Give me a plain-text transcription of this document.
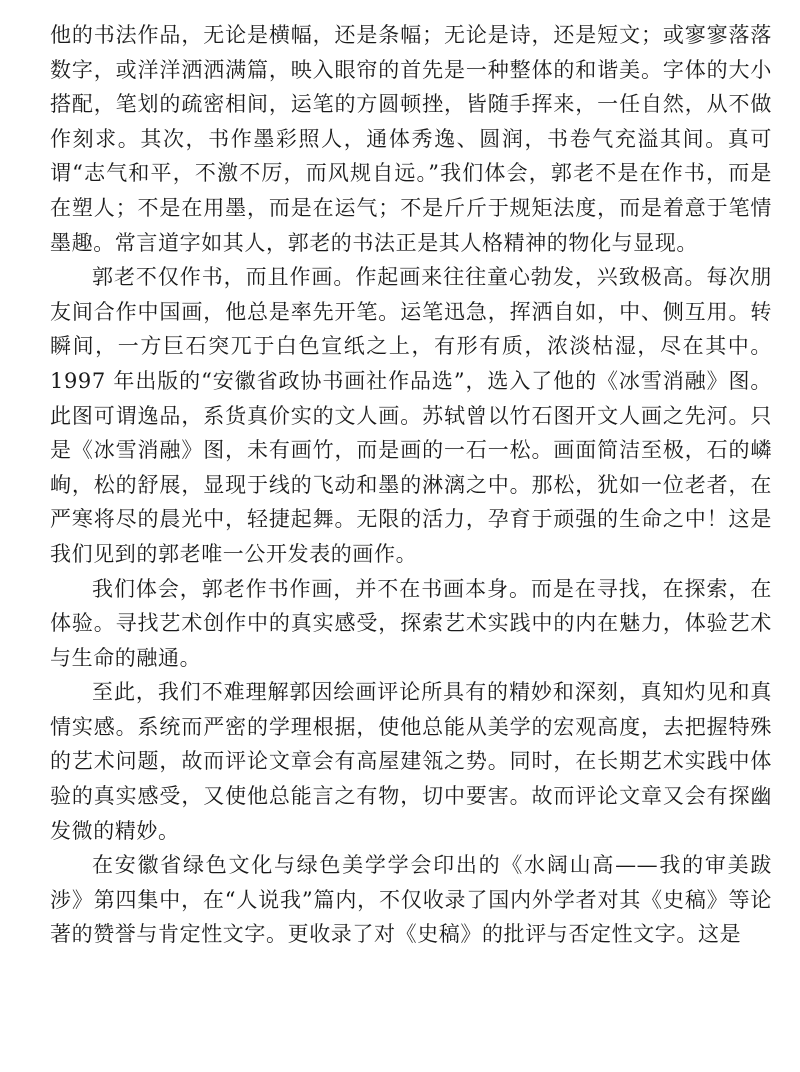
他的书法作品，无论是横幅，还是条幅；无论是诗，还是短文；或寥寥落落数字，或洋洋洒洒满篇，映入眼帘的首先是一种整体的和谐美。字体的大小搭配，笔划的疏密相间，运笔的方圆顿挫，皆随手挥来，一任自然，从不做作刻求。其次，书作墨彩照人，通体秀逸、圆润，书卷气充溢其间。真可谓“志气和平，不激不厉，而风规自远。”我们体会，郭老不是在作书，而是在塑人；不是在用墨，而是在运气；不是斤斤于规矩法度，而是着意于笔情墨趣。常言道字如其人，郭老的书法正是其人格精神的物化与显现。

郭老不仅作书，而且作画。作起画来往往童心勃发，兴致极高。每次朋友间合作中国画，他总是率先开笔。运笔迅急，挥洒自如，中、侧互用。转瞬间，一方巨石突兀于白色宣纸之上，有形有质，浓淡枯湿，尽在其中。1997 年出版的“安徽省政协书画社作品选”，选入了他的《冰雪消融》图。此图可谓逸品，系货真价实的文人画。苏轼曾以竹石图开文人画之先河。只是《冰雪消融》图，未有画竹，而是画的一石一松。画面简洁至极，石的嶙峋，松的舒展，显现于线的飞动和墨的淋漓之中。那松，犹如一位老者，在严寒将尽的晨光中，轻捷起舞。无限的活力，孕育于顽强的生命之中！这是我们见到的郭老唯一公开发表的画作。

我们体会，郭老作书作画，并不在书画本身。而是在寻找，在探索，在体验。寻找艺术创作中的真实感受，探索艺术实践中的内在魅力，体验艺术与生命的融通。

至此，我们不难理解郭因绘画评论所具有的精妙和深刻，真知灼见和真情实感。系统而严密的学理根据，使他总能从美学的宏观高度，去把握特殊的艺术问题，故而评论文章会有高屋建瓴之势。同时，在长期艺术实践中体验的真实感受，又使他总能言之有物，切中要害。故而评论文章又会有探幽发微的精妙。

在安徽省绿色文化与绿色美学学会印出的《水阔山高——我的审美跋涉》第四集中，在“人说我”篇内，不仅收录了国内外学者对其《史稿》等论著的赞誉与肯定性文字。更收录了对《史稿》的批评与否定性文字。这是
